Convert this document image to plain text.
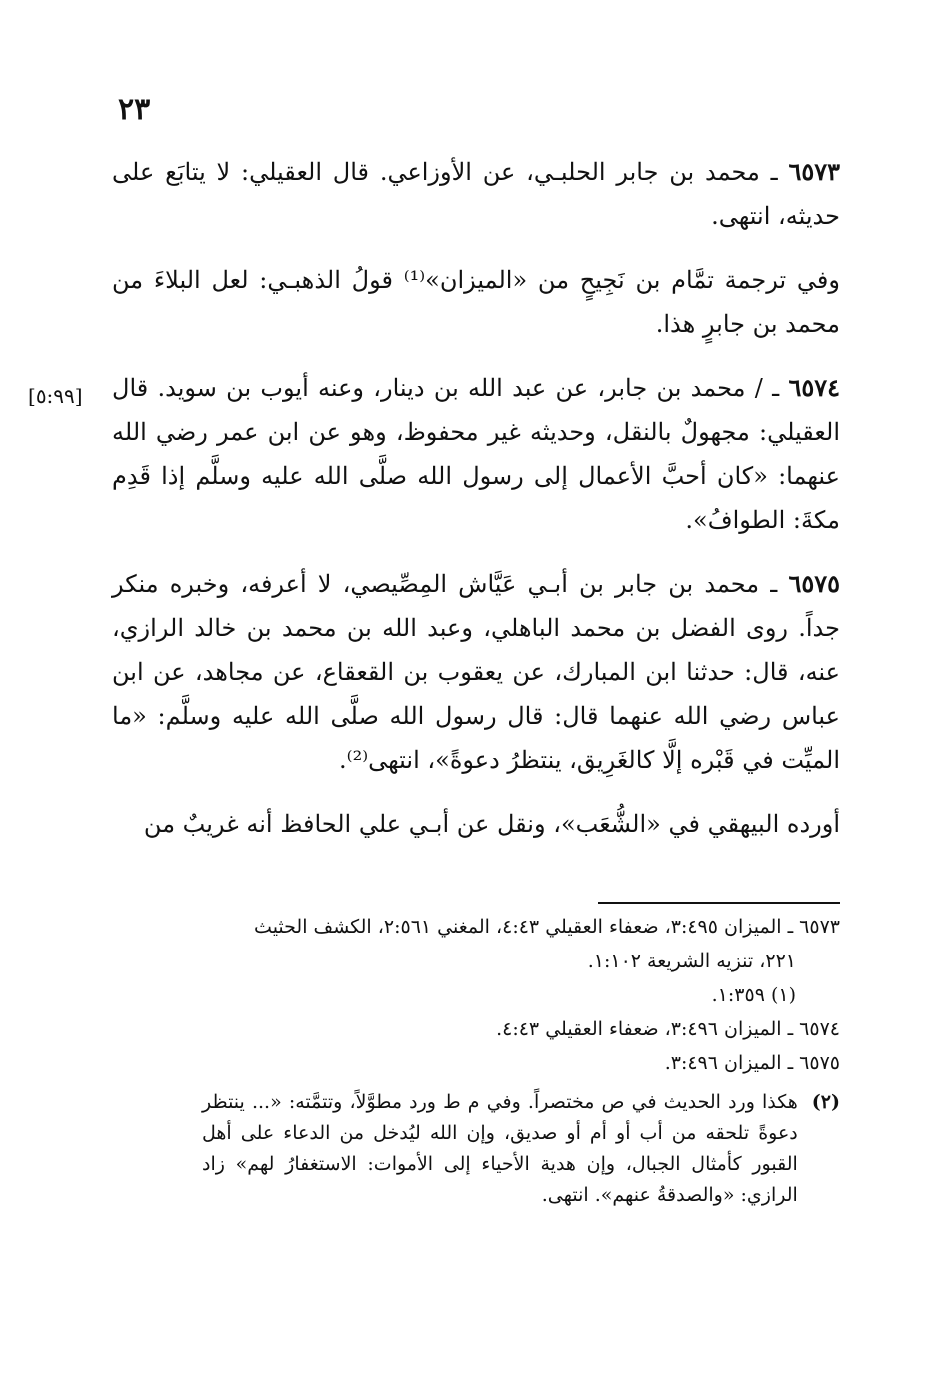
٢٣
[٥:٩٩]

٦٥٧٣ ـ محمد بن جابر الحلبـي، عن الأوزاعي. قال العقيلي: لا يتابَع على حديثه، انتهى.

وفي ترجمة تمَّام بن نَجِيحٍ من «الميزان»⁽¹⁾ قولُ الذهبـي: لعل البلاءَ من محمد بن جابرٍ هذا.

٦٥٧٤ ـ / محمد بن جابر، عن عبد الله بن دينار، وعنه أيوب بن سويد. قال العقيلي: مجهولٌ بالنقل، وحديثه غير محفوظ، وهو عن ابن عمر رضي الله عنهما: «كان أحبَّ الأعمال إلى رسول الله صلَّى الله عليه وسلَّم إذا قَدِم مكةَ: الطوافُ».

٦٥٧٥ ـ محمد بن جابر بن أبـي عَيَّاش المِصِّيصي، لا أعرفه، وخبره منكر جداً. روى الفضل بن محمد الباهلي، وعبد الله بن محمد بن خالد الرازي، عنه، قال: حدثنا ابن المبارك، عن يعقوب بن القعقاع، عن مجاهد، عن ابن عباس رضي الله عنهما قال: قال رسول الله صلَّى الله عليه وسلَّم: «ما الميِّت في قَبْره إلَّا كالغَرِيق، ينتظرُ دعوةً»، انتهى⁽²⁾.

أورده البيهقي في «الشُّعَب»، ونقل عن أبـي علي الحافظ أنه غريبٌ من

٦٥٧٣ ـ الميزان ٣:٤٩٥، ضعفاء العقيلي ٤:٤٣، المغني ٢:٥٦١، الكشف الحثيث

٢٢١، تنزيه الشريعة ١:١٠٢.

(١) ١:٣٥٩.

٦٥٧٤ ـ الميزان ٣:٤٩٦، ضعفاء العقيلي ٤:٤٣.

٦٥٧٥ ـ الميزان ٣:٤٩٦.

(٢)
هكذا ورد الحديث في ص مختصراً. وفي م ط ورد مطوَّلاً، وتتمَّته: «... ينتظر دعوةً تلحقه من أب أو أم أو صديق، وإن الله ليُدخل من الدعاء على أهل القبور كأمثال الجبال، وإن هدية الأحياء إلى الأموات: الاستغفارُ لهم» زاد الرازي: «والصدقةُ عنهم». انتهى.
